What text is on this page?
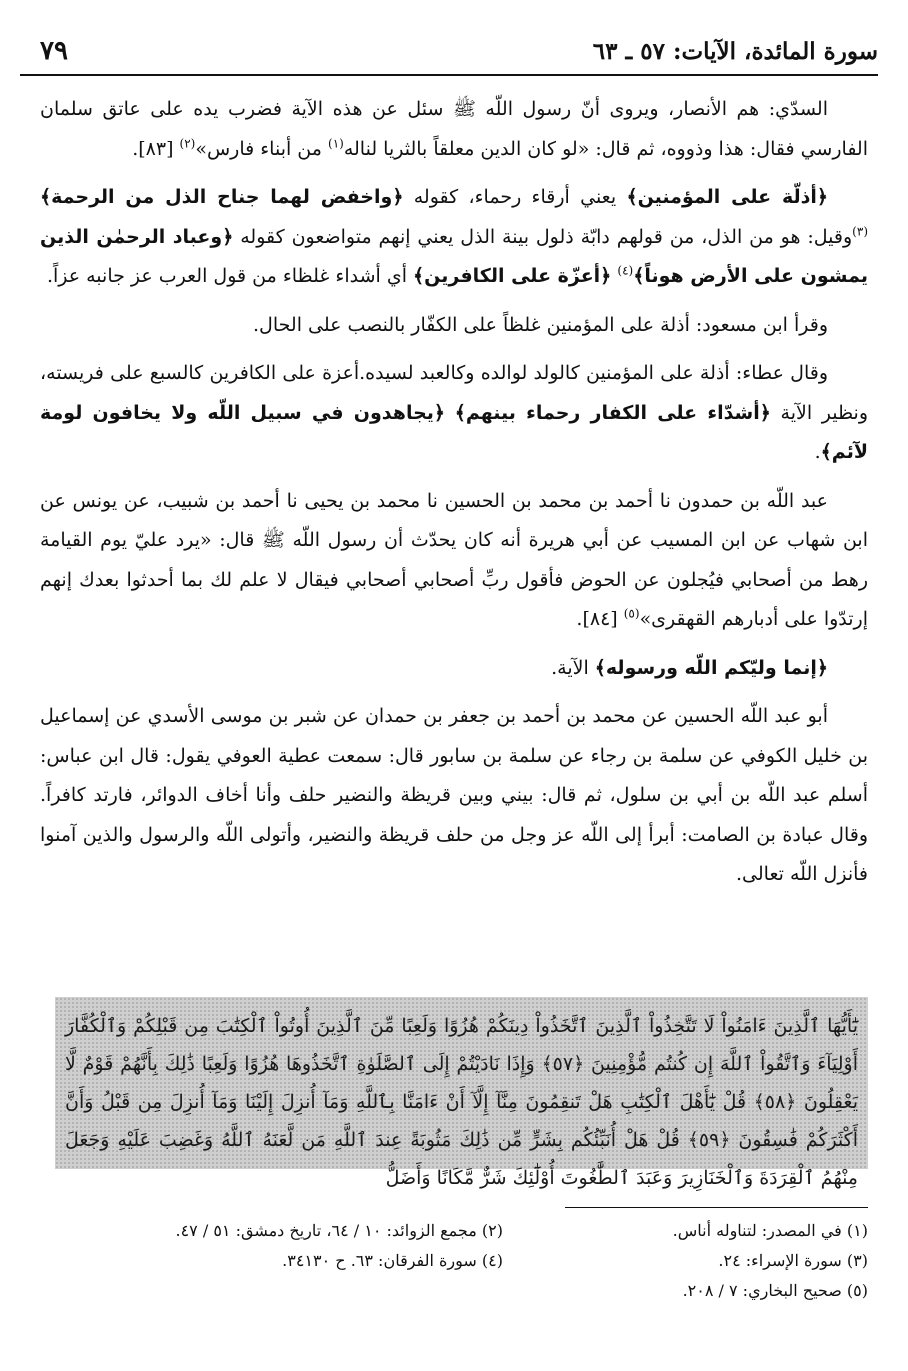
سورة المائدة، الآيات: ٥٧ ـ ٦٣
٧٩

السدّي: هم الأنصار، ويروى أنّ رسول اللّه ﷺ سئل عن هذه الآية فضرب يده على عاتق سلمان الفارسي فقال: هذا وذووه، ثم قال: «لو كان الدين معلقاً بالثريا لناله$^{(١)}$ من أبناء فارس»$^{(٢)}$ [٨٣].

﴿أذلّة على المؤمنين﴾ يعني أرقاء رحماء، كقوله ﴿واخفض لهما جناح الذل من الرحمة﴾$^{(٣)}$وقيل: هو من الذل، من قولهم دابّة ذلول بينة الذل يعني إنهم متواضعون كقوله ﴿وعباد الرحمٰن الذين يمشون على الأرض هوناً﴾$^{(٤)}$ ﴿أعزّة على الكافرين﴾ أي أشداء غلظاء من قول العرب عز جانبه عزاً.

وقرأ ابن مسعود: أذلة على المؤمنين غلظاً على الكفّار بالنصب على الحال.

وقال عطاء: أذلة على المؤمنين كالولد لوالده وكالعبد لسيده.أعزة على الكافرين كالسبع على فريسته، ونظير الآية ﴿أشدّاء على الكفار رحماء بينهم﴾ ﴿يجاهدون في سبيل اللّه ولا يخافون لومة لآئم﴾.

عبد اللّه بن حمدون نا أحمد بن محمد بن الحسين نا محمد بن يحيى نا أحمد بن شبيب، عن يونس عن ابن شهاب عن ابن المسيب عن أبي هريرة أنه كان يحدّث أن رسول اللّه ﷺ قال: «يرد عليّ يوم القيامة رهط من أصحابي فيُجلون عن الحوض فأقول ربِّ أصحابي أصحابي فيقال لا علم لك بما أحدثوا بعدك إنهم إرتدّوا على أدبارهم القهقرى»$^{(٥)}$ [٨٤].

﴿إنما وليّكم اللّه ورسوله﴾ الآية.

أبو عبد اللّه الحسين عن محمد بن أحمد بن جعفر بن حمدان عن شبر بن موسى الأسدي عن إسماعيل بن خليل الكوفي عن سلمة بن رجاء عن سلمة بن سابور قال: سمعت عطية العوفي يقول: قال ابن عباس: أسلم عبد اللّه بن أبي بن سلول، ثم قال: بيني وبين قريظة والنضير حلف وأنا أخاف الدوائر، فارتد كافراً. وقال عبادة بن الصامت: أبرأ إلى اللّه عز وجل من حلف قريظة والنضير، وأتولى اللّه والرسول والذين آمنوا فأنزل اللّه تعالى.

يَٰٓأَيُّهَا ٱلَّذِينَ ءَامَنُواْ لَا تَتَّخِذُواْ ٱلَّذِينَ ٱتَّخَذُواْ دِينَكُمْ هُزُوًا وَلَعِبًا مِّنَ ٱلَّذِينَ أُوتُواْ ٱلْكِتَٰبَ مِن قَبْلِكُمْ وَٱلْكُفَّارَ أَوْلِيَآءَ وَٱتَّقُواْ ٱللَّهَ إِن كُنتُم مُّؤْمِنِينَ ﴿٥٧﴾ وَإِذَا نَادَيْتُمْ إِلَى ٱلصَّلَوٰةِ ٱتَّخَذُوهَا هُزُوًا وَلَعِبًا ذَٰلِكَ بِأَنَّهُمْ قَوْمٌ لَّا يَعْقِلُونَ ﴿٥٨﴾ قُلْ يَٰٓأَهْلَ ٱلْكِتَٰبِ هَلْ تَنقِمُونَ مِنَّآ إِلَّآ أَنْ ءَامَنَّا بِٱللَّهِ وَمَآ أُنزِلَ إِلَيْنَا وَمَآ أُنزِلَ مِن قَبْلُ وَأَنَّ أَكْثَرَكُمْ فَٰسِقُونَ ﴿٥٩﴾ قُلْ هَلْ أُنَبِّئُكُم بِشَرٍّ مِّن ذَٰلِكَ مَثُوبَةً عِندَ ٱللَّهِ مَن لَّعَنَهُ ٱللَّهُ وَغَضِبَ عَلَيْهِ وَجَعَلَ مِنْهُمُ ٱلْقِرَدَةَ وَٱلْخَنَازِيرَ وَعَبَدَ ٱلطَّٰغُوتَ أُوْلَٰٓئِكَ شَرٌّ مَّكَانًا وَأَضَلُّ
(١) في المصدر: لتناوله أناس.
(٢) مجمع الزوائد: ١٠ / ٦٤، تاريخ دمشق: ٥١ / ٤٧.
(٣) سورة الإسراء: ٢٤.
(٤) سورة الفرقان: ٦٣. ح ٣٤١٣٠.
(٥) صحيح البخاري: ٧ / ٢٠٨.
